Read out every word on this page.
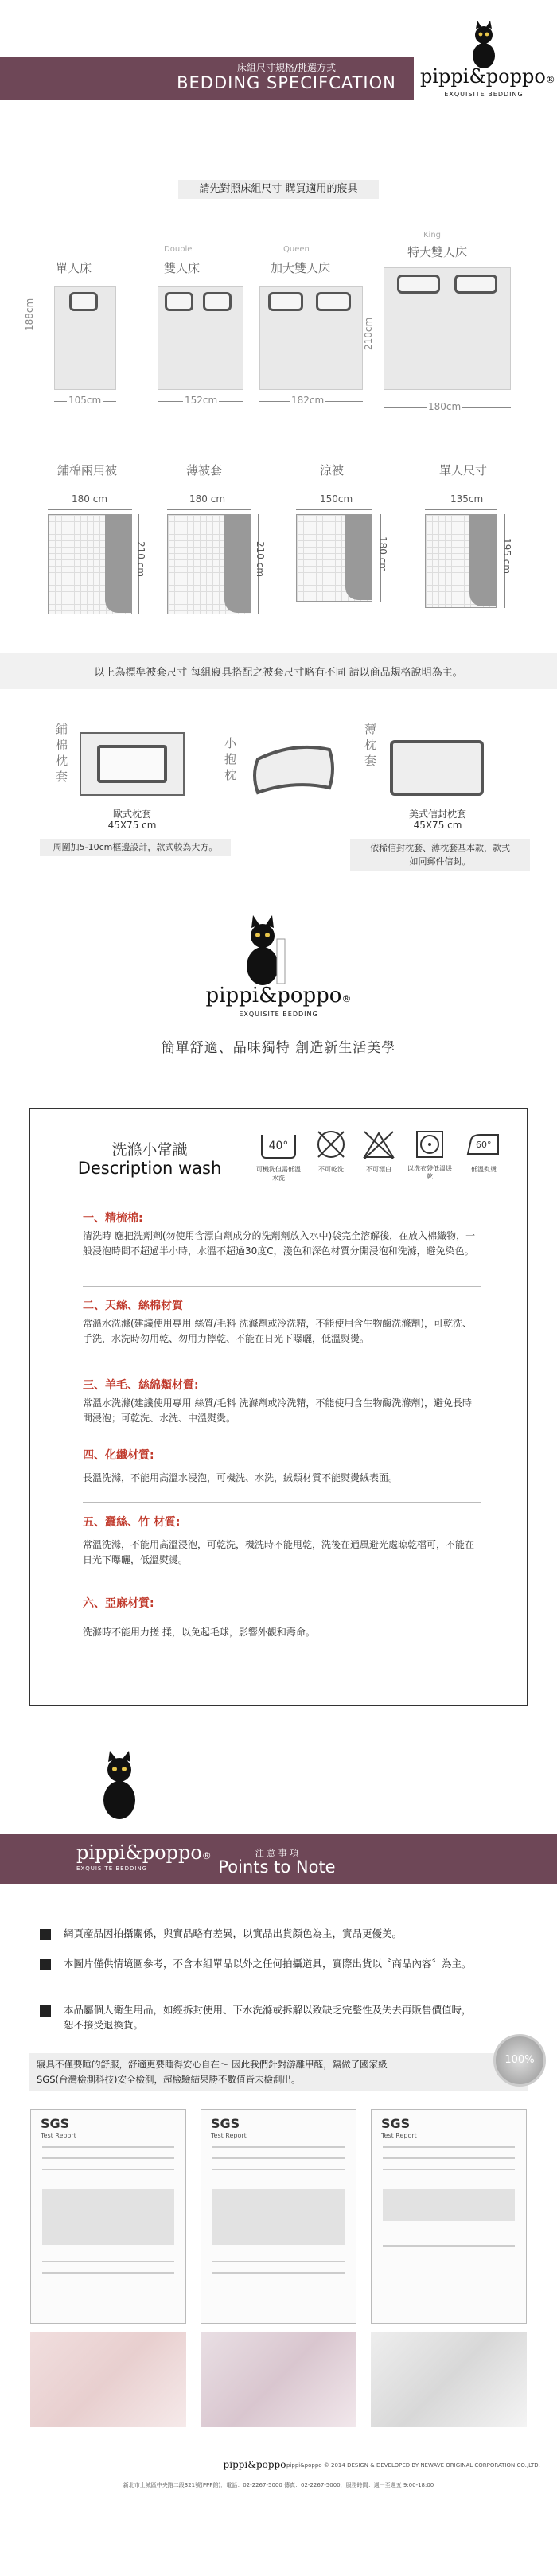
床組尺寸規格/挑選方式
床組尺寸規格/挑選方式
BEDDING SPECIFCATION	pippi&poppo®
EXQUISITE BEDDING
請先對照床組尺寸 購買適用的寢具
單人床
188cm
105cm
Double
雙人床
152cm
Queen
加大雙人床
182cm
King
特大雙人床
210cm
180cm
鋪棉兩用被
180 cm
210 cm
薄被套
180 cm
210 cm
涼被
150cm
180 cm
單人尺寸
135cm
195 cm
以上為標準被套尺寸 每組寢具搭配之被套尺寸略有不同 請以商品規格說明為主。
鋪棉枕套
歐式枕套
45X75 cm
周圍加5-10cm框邊設計，款式較為大方。
小抱枕
薄枕套
美式信封枕套
45X75 cm
依稀信封枕套、薄枕套基本款，款式
如同郵件信封。
pippi&poppo®
EXQUISITE BEDDING
簡單舒適、品味獨特 創造新生活美學
洗滌小常識
Description wash
40°
可機洗但需低溫水洗
不可乾洗	不可漂白	以洗衣袋低溫烘乾
60°
低溫熨燙
一、精梳棉:
清洗時 應把洗劑劑(勿使用含漂白劑成分的洗劑劑放入水中)袋完全溶解後，在放入棉織物，一般浸泡時間不超過半小時，水溫不超過30度C，淺色和深色材質分開浸泡和洗滌，避免染色。
二、天絲、絲棉材質
常溫水洗滌(建議使用專用 絲質/毛料 洗滌劑或冷洗精，不能使用含生物酶洗滌劑)，可乾洗、手洗，水洗時勿用乾、勿用力擰乾、不能在日光下曝曬，低溫熨燙。
三、羊毛、絲綿類材質:
常溫水洗滌(建議使用專用 絲質/毛料 洗滌劑或冷洗精，不能使用含生物酶洗滌劑)，避免長時間浸泡；可乾洗、水洗、中溫熨燙。
四、化纖材質:
長溫洗滌，不能用高溫水浸泡，可機洗、水洗，絨類材質不能熨燙絨表面。
五、蠶絲、竹 材質:
常溫洗滌，不能用高溫浸泡，可乾洗，機洗時不能甩乾，洗後在通風避光處晾乾檔可，不能在日光下曝曬，低溫熨燙。
六、亞麻材質:
洗滌時不能用力搓 揉，以免起毛球，影響外觀和壽命。
pippi&poppo®
EXQUISITE BEDDING
注 意 事 項
Points to Note
網頁產品因拍攝關係，與實品略有差異，以實品出貨顏色為主，實品更優美。
本圖片僅供情境圖參考，不含本組單品以外之任何拍攝道具，實際出貨以〝商品內容〞為主。
本品屬個人衛生用品，如經拆封使用、下水洗滌或拆解以致缺乏完整性及失去再販售價值時，恕不接受退換貨。
寢具不僅要睡的舒服，舒適更要睡得安心自在～ 因此我們針對游離甲醛，鎘做了國家級
SGS(台灣檢測科技)安全檢測，超檢驗結果勝不數值皆未檢測出。
100%
SGS
Test Report
SGS
Test Report
SGS
Test Report
pippi&poppo pippi&poppo © 2014 DESIGN & DEVELOPED BY NEWAVE ORIGINAL CORPORATION CO.,LTD.
新北市土城區中央路二段321號(PPP館)．電話：02-2267-5000 傳真：02-2267-5000．服務時間：週一至週五 9:00-18:00
